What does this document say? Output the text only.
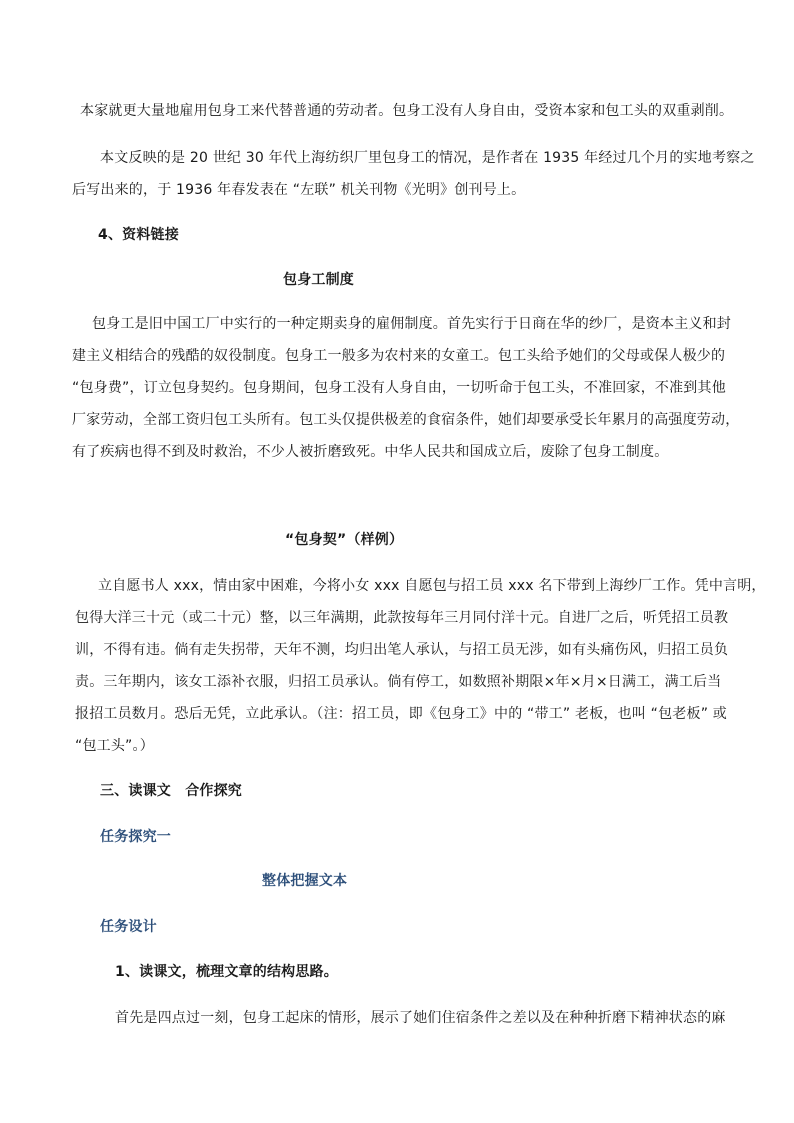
本家就更大量地雇用包身工来代替普通的劳动者。包身工没有人身自由，受资本家和包工头的双重剥削。
本文反映的是 20 世纪 30 年代上海纺织厂里包身工的情况，是作者在 1935 年经过几个月的实地考察之
后写出来的，于 1936 年春发表在 “左联” 机关刊物《光明》创刊号上。
4、资料链接
包身工制度
包身工是旧中国工厂中实行的一种定期卖身的雇佣制度。首先实行于日商在华的纱厂，是资本主义和封
建主义相结合的残酷的奴役制度。包身工一般多为农村来的女童工。包工头给予她们的父母或保人极少的
“包身费”，订立包身契约。包身期间，包身工没有人身自由，一切听命于包工头，不准回家，不准到其他
厂家劳动，全部工资归包工头所有。包工头仅提供极差的食宿条件，她们却要承受长年累月的高强度劳动，
有了疾病也得不到及时救治，不少人被折磨致死。中华人民共和国成立后，废除了包身工制度。
“包身契”（样例）
立自愿书人 xxx，情由家中困难，今将小女 xxx 自愿包与招工员 xxx 名下带到上海纱厂工作。凭中言明，
包得大洋三十元（或二十元）整，以三年满期，此款按每年三月同付洋十元。自进厂之后，听凭招工员教
训，不得有违。倘有走失拐带，天年不测，均归出笔人承认，与招工员无涉，如有头痛伤风，归招工员负
责。三年期内，该女工添补衣服，归招工员承认。倘有停工，如数照补期限×年×月×日满工，满工后当
报招工员数月。恐后无凭，立此承认。（注：招工员，即《包身工》中的 “带工” 老板，也叫 “包老板” 或
“包工头”。）
三、读课文　合作探究
任务探究一
整体把握文本
任务设计
1、读课文，梳理文章的结构思路。
首先是四点过一刻，包身工起床的情形，展示了她们住宿条件之差以及在种种折磨下精神状态的麻
